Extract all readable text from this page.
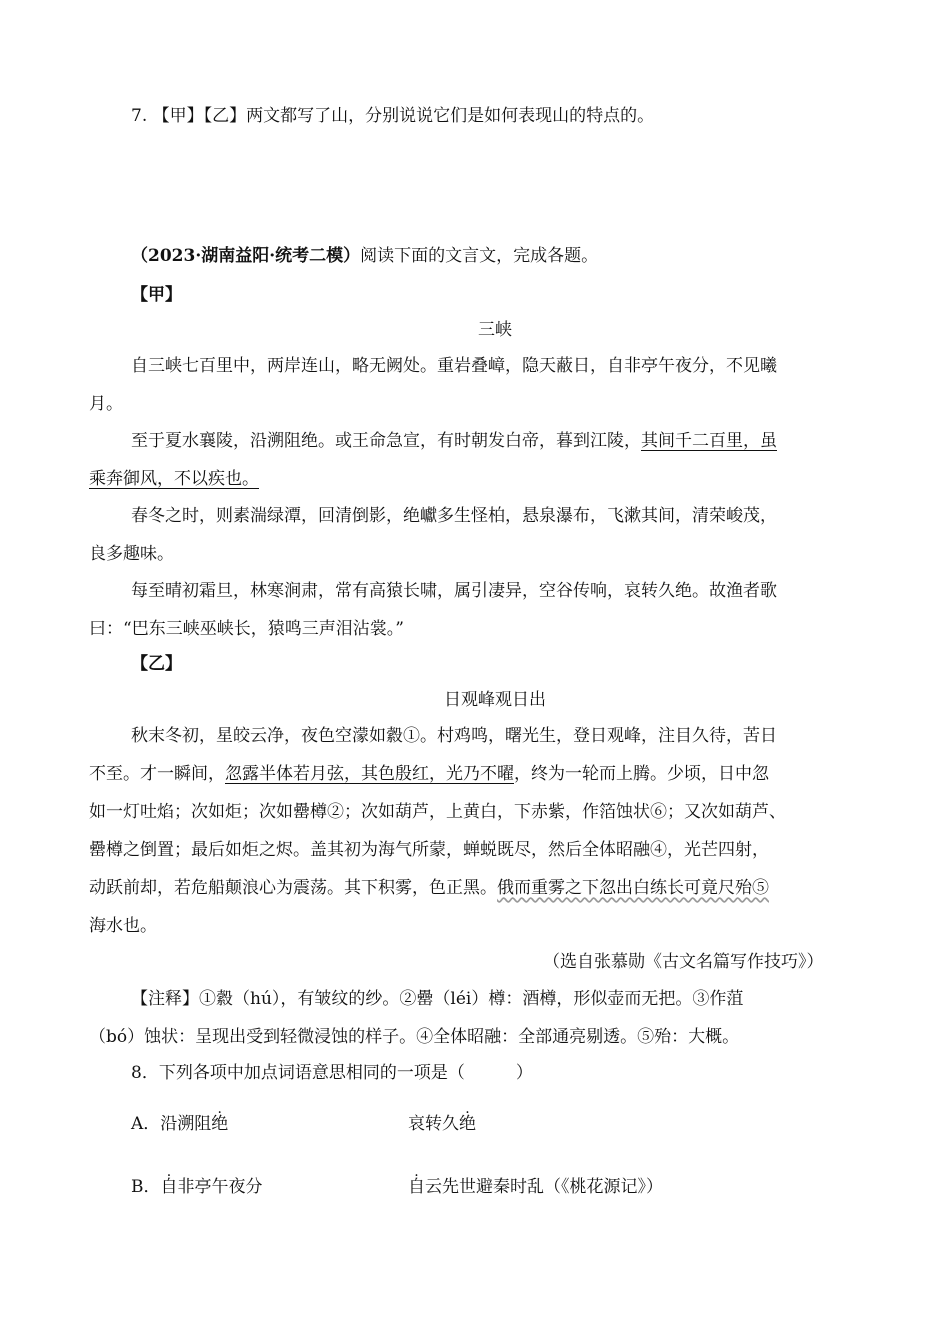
7. 【甲】【乙】两文都写了山，分别说说它们是如何表现山的特点的。
（2023·湖南益阳·统考二模）阅读下面的文言文，完成各题。
【甲】
三峡
自三峡七百里中，两岸连山，略无阙处。重岩叠嶂，隐天蔽日，自非亭午夜分，不见曦
月。
至于夏水襄陵，沿溯阻绝。或王命急宣，有时朝发白帝，暮到江陵，其间千二百里，虽
乘奔御风，不以疾也。
春冬之时，则素湍绿潭，回清倒影，绝巘多生怪柏，悬泉瀑布，飞漱其间，清荣峻茂，
良多趣味。
每至晴初霜旦，林寒涧肃，常有高猿长啸，属引凄异，空谷传响，哀转久绝。故渔者歌
曰：“巴东三峡巫峡长，猿鸣三声泪沾裳。”
【乙】
日观峰观日出
秋末冬初，星皎云净，夜色空濛如縠①。村鸡鸣，曙光生，登日观峰，注目久待，苦日
不至。才一瞬间，忽露半体若月弦，其色殷红，光乃不曜，终为一轮而上腾。少顷，日中忽
如一灯吐焰；次如炬；次如罍樽②；次如葫芦，上黄白，下赤紫，作箔蚀状⑥；又次如葫芦、
罍樽之倒置；最后如炬之烬。盖其初为海气所蒙，蝉蜕既尽，然后全体昭融④，光芒四射，
动跃前却，若危船颠浪心为震荡。其下积雾，色正黑。俄而重雾之下忽出白练长可竟尺殆⑤
海水也。
（选自张慕勋《古文名篇写作技巧》）
【注释】①縠（hú），有皱纹的纱。②罍（léi）樽：酒樽，形似壶而无把。③作菹
（bó）蚀状：呈现出受到轻微浸蚀的样子。④全体昭融：全部通亮剔透。⑤殆：大概。
8．下列各项中加点词语意思相同的一项是（　　　）
A．沿溯阻绝	哀转久绝
B．自非亭午夜分	自云先世避秦时乱（《桃花源记》）
